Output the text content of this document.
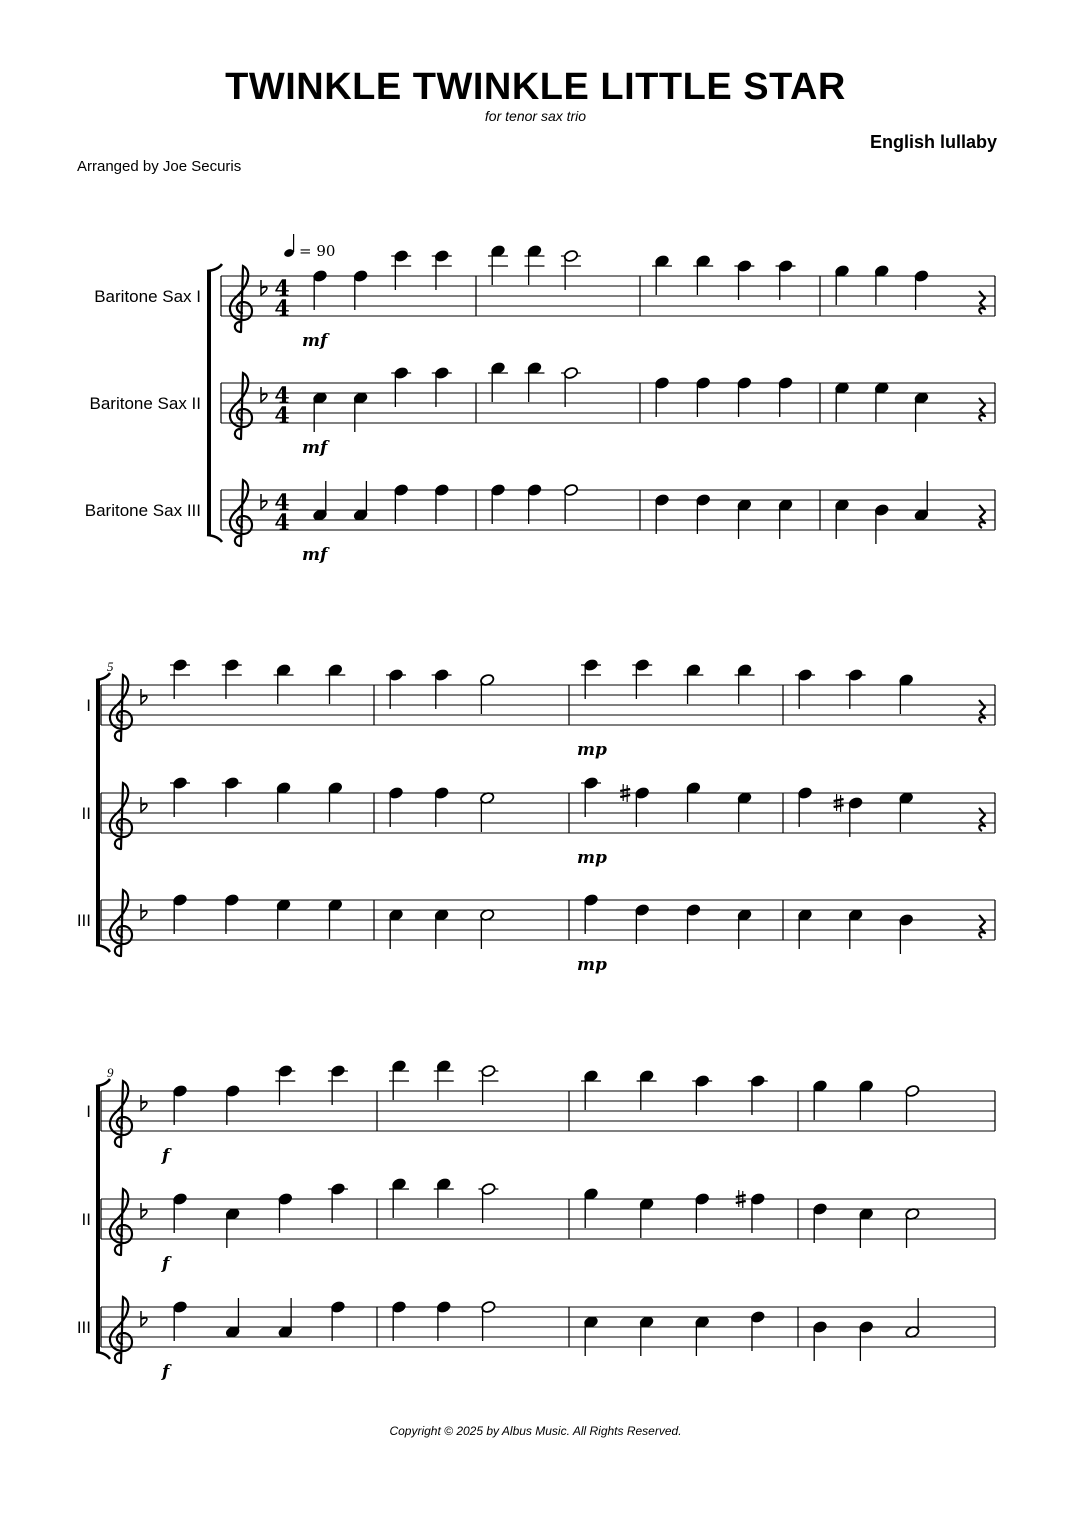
TWINKLE TWINKLE LITTLE STAR
for tenor sax trio
English lullaby
Arranged by Joe Securis
= 90
Baritone Sax I	4
4
mf
Baritone Sax II	4
4
mf
Baritone Sax III	4
4
mf
5
I
mp
II
mp
III
mp
9
I
f
II
f
III
f
Copyright © 2025 by Albus Music. All Rights Reserved.
